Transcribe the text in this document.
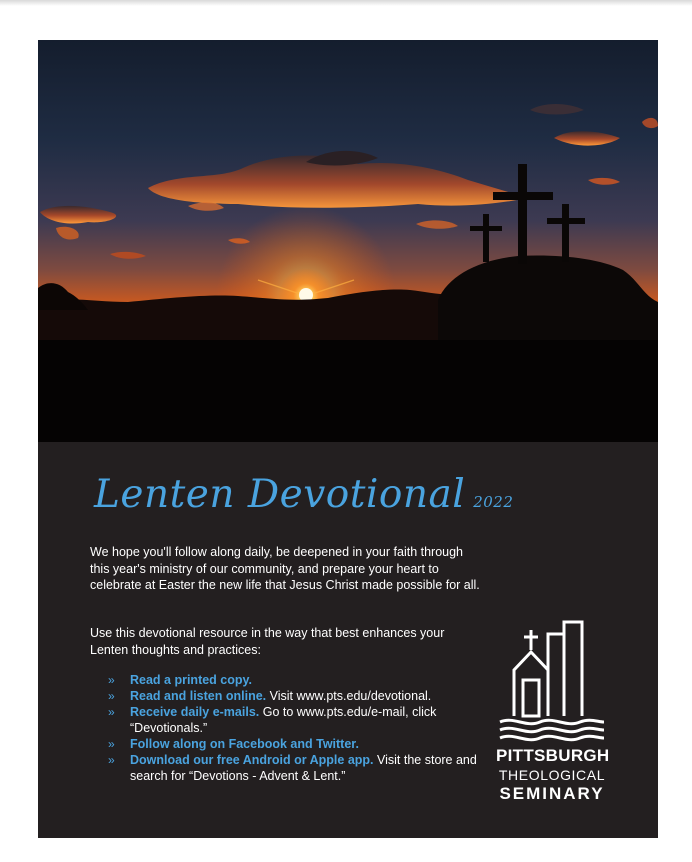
Lenten Devotional 2022

We hope you'll follow along daily, be deepened in your faith through this year's ministry of our community, and prepare your heart to celebrate at Easter the new life that Jesus Christ made possible for all.

Use this devotional resource in the way that best enhances your Lenten thoughts and practices:

» Read a printed copy.
» Read and listen online. Visit www.pts.edu/devotional.
» Receive daily e-mails. Go to www.pts.edu/e-mail, click “Devotionals.”
» Follow along on Facebook and Twitter.
» Download our free Android or Apple app. Visit the store and search for “Devotions - Advent & Lent.”

PITTSBURGH

THEOLOGICAL

SEMINARY
